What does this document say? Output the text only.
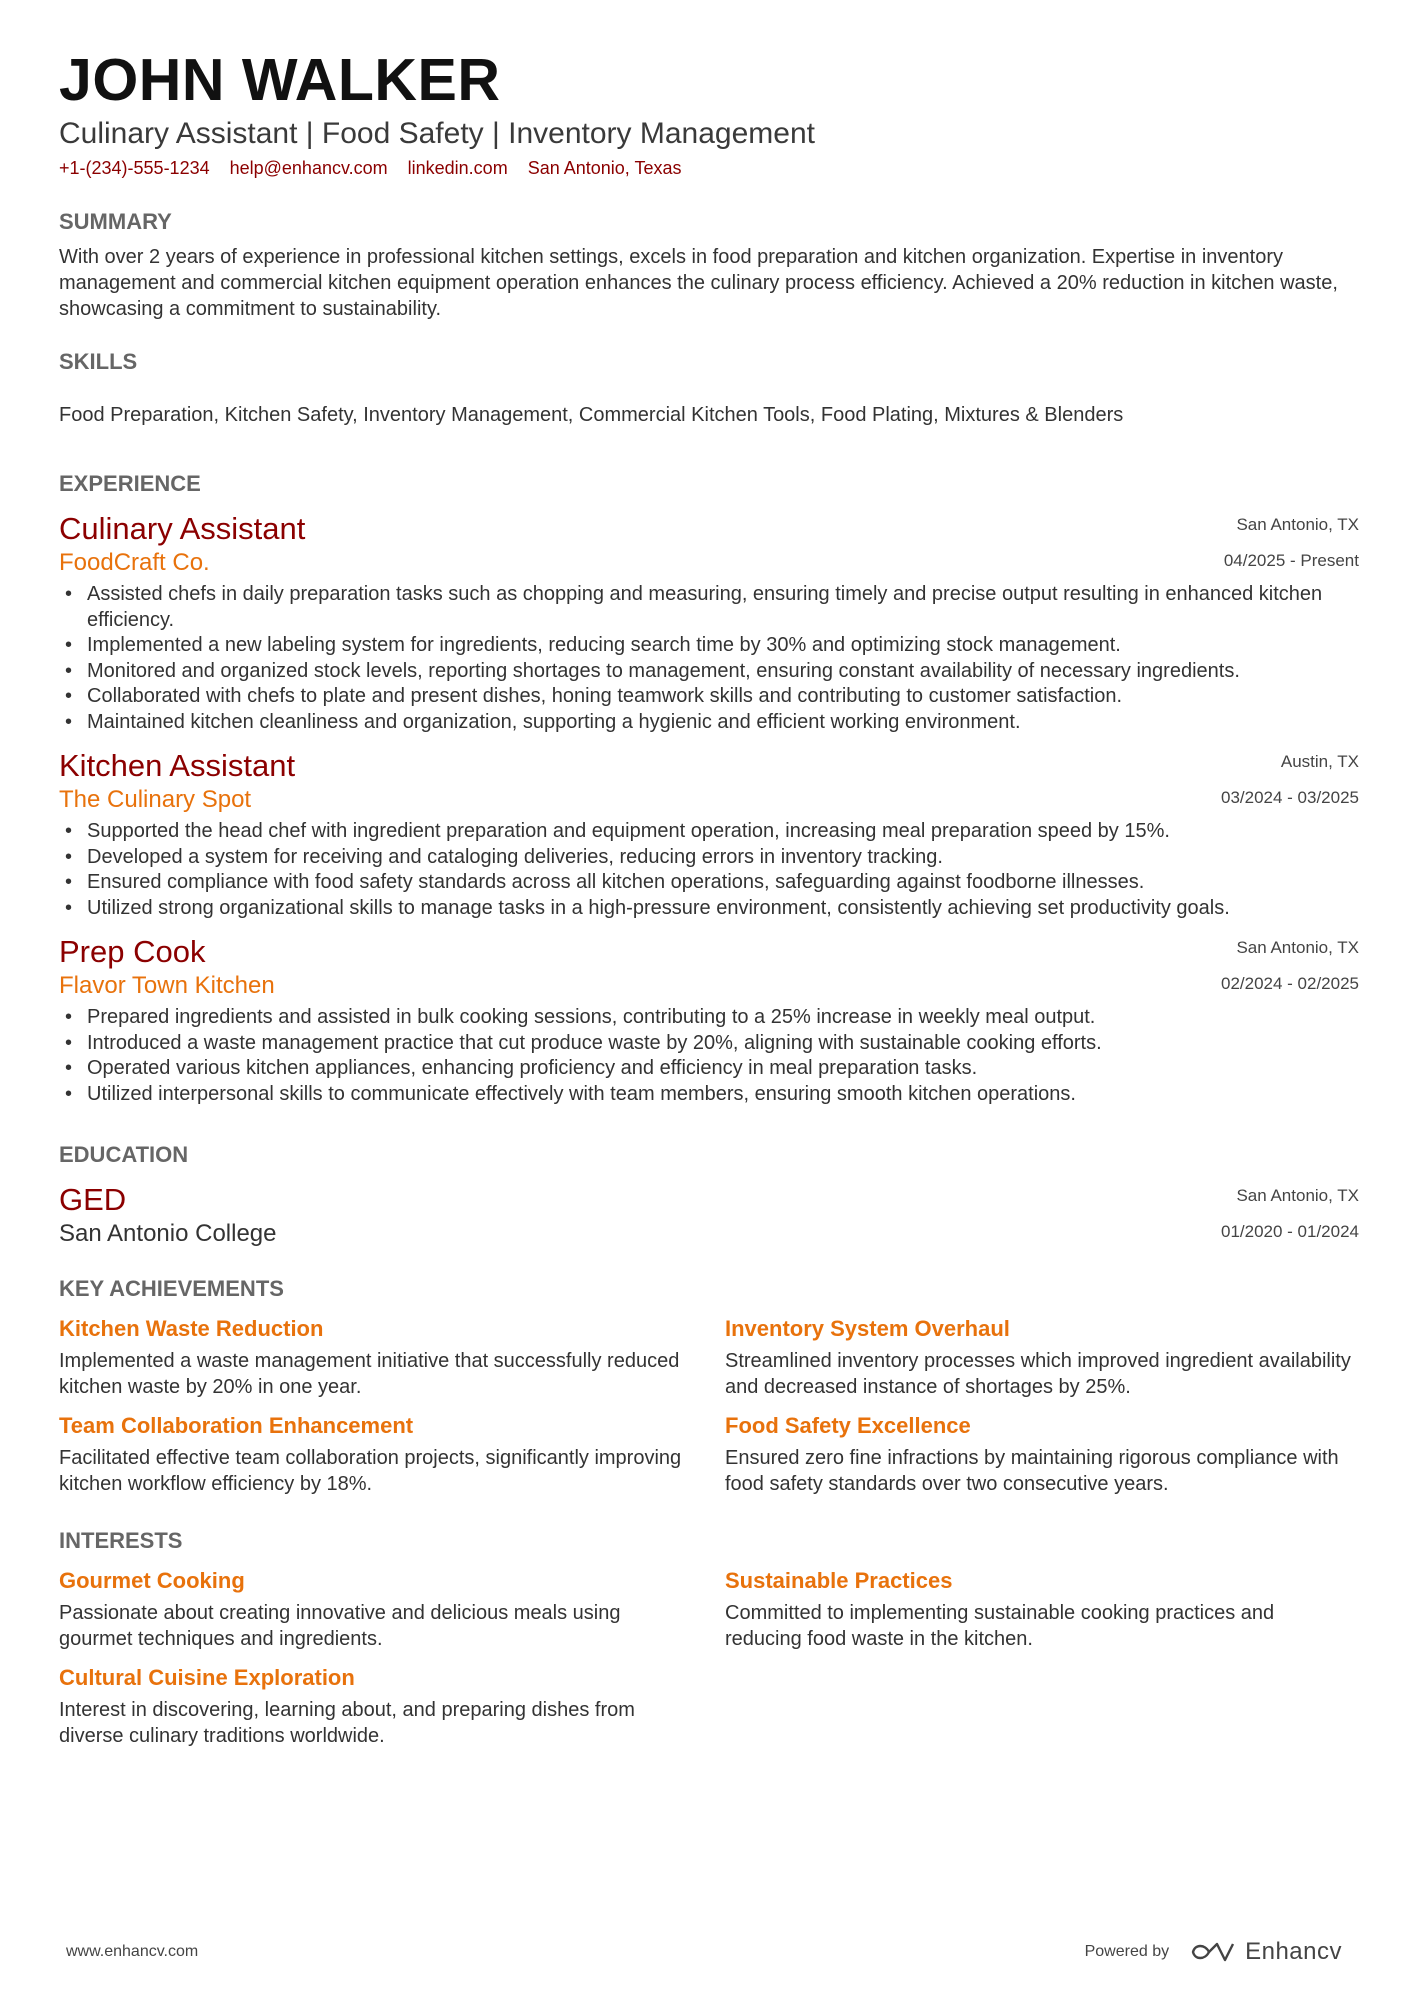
JOHN WALKER
Culinary Assistant | Food Safety | Inventory Management
+1-(234)-555-1234 help@enhancv.com linkedin.com San Antonio, Texas
SUMMARY
With over 2 years of experience in professional kitchen settings, excels in food preparation and kitchen organization. Expertise in inventory management and commercial kitchen equipment operation enhances the culinary process efficiency. Achieved a 20% reduction in kitchen waste, showcasing a commitment to sustainability.
SKILLS
Food Preparation, Kitchen Safety, Inventory Management, Commercial Kitchen Tools, Food Plating, Mixtures & Blenders
EXPERIENCE
Culinary Assistant
FoodCraft Co.
San Antonio, TX
04/2025 - Present
• Assisted chefs in daily preparation tasks such as chopping and measuring, ensuring timely and precise output resulting in enhanced kitchen efficiency.
• Implemented a new labeling system for ingredients, reducing search time by 30% and optimizing stock management.
• Monitored and organized stock levels, reporting shortages to management, ensuring constant availability of necessary ingredients.
• Collaborated with chefs to plate and present dishes, honing teamwork skills and contributing to customer satisfaction.
• Maintained kitchen cleanliness and organization, supporting a hygienic and efficient working environment.
Kitchen Assistant
The Culinary Spot
Austin, TX
03/2024 - 03/2025
• Supported the head chef with ingredient preparation and equipment operation, increasing meal preparation speed by 15%.
• Developed a system for receiving and cataloging deliveries, reducing errors in inventory tracking.
• Ensured compliance with food safety standards across all kitchen operations, safeguarding against foodborne illnesses.
• Utilized strong organizational skills to manage tasks in a high-pressure environment, consistently achieving set productivity goals.
Prep Cook
Flavor Town Kitchen
San Antonio, TX
02/2024 - 02/2025
• Prepared ingredients and assisted in bulk cooking sessions, contributing to a 25% increase in weekly meal output.
• Introduced a waste management practice that cut produce waste by 20%, aligning with sustainable cooking efforts.
• Operated various kitchen appliances, enhancing proficiency and efficiency in meal preparation tasks.
• Utilized interpersonal skills to communicate effectively with team members, ensuring smooth kitchen operations.
EDUCATION
GED
San Antonio College
San Antonio, TX
01/2020 - 01/2024
KEY ACHIEVEMENTS
Kitchen Waste Reduction
Implemented a waste management initiative that successfully reduced kitchen waste by 20% in one year.
Inventory System Overhaul
Streamlined inventory processes which improved ingredient availability and decreased instance of shortages by 25%.
Team Collaboration Enhancement
Facilitated effective team collaboration projects, significantly improving kitchen workflow efficiency by 18%.
Food Safety Excellence
Ensured zero fine infractions by maintaining rigorous compliance with food safety standards over two consecutive years.
INTERESTS
Gourmet Cooking
Passionate about creating innovative and delicious meals using gourmet techniques and ingredients.
Sustainable Practices
Committed to implementing sustainable cooking practices and reducing food waste in the kitchen.
Cultural Cuisine Exploration
Interest in discovering, learning about, and preparing dishes from diverse culinary traditions worldwide.
www.enhancv.com	Powered by	Enhancv
